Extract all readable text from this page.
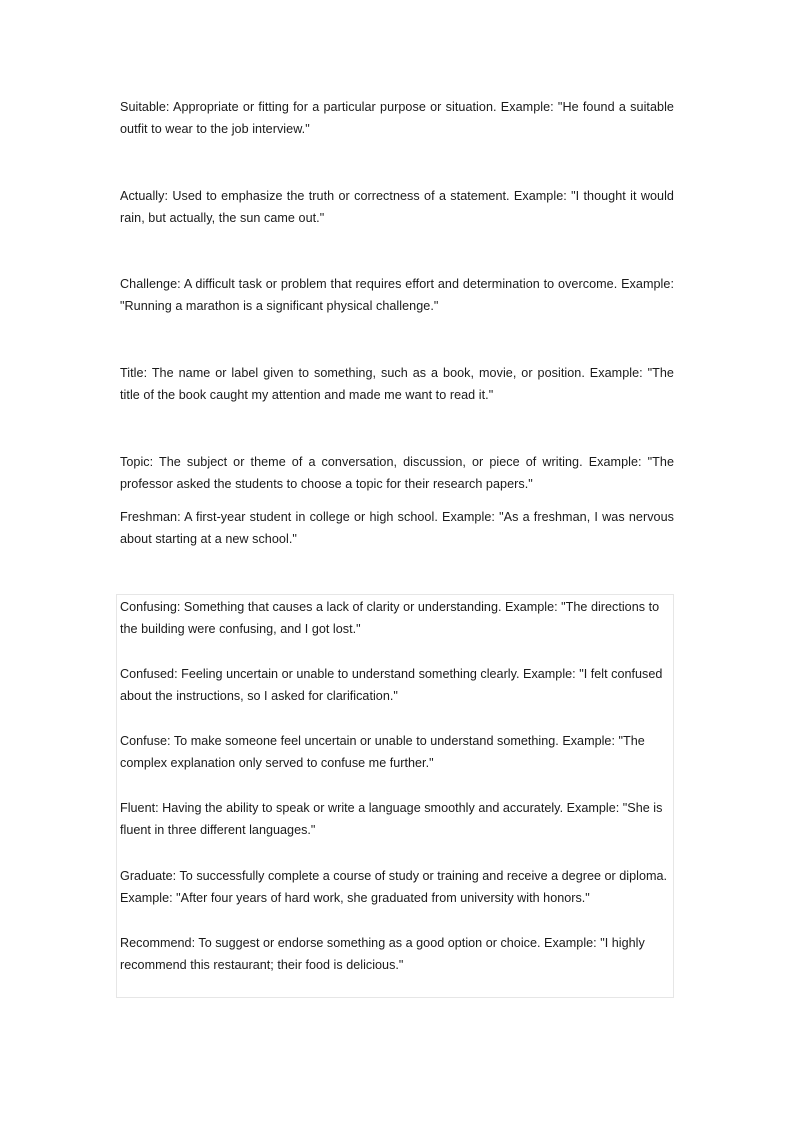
Suitable: Appropriate or fitting for a particular purpose or situation. Example: "He found a suitable outfit to wear to the job interview."

Actually: Used to emphasize the truth or correctness of a statement. Example: "I thought it would rain, but actually, the sun came out."

Challenge: A difficult task or problem that requires effort and determination to overcome. Example: "Running a marathon is a significant physical challenge."

Title: The name or label given to something, such as a book, movie, or position. Example: "The title of the book caught my attention and made me want to read it."

Topic: The subject or theme of a conversation, discussion, or piece of writing. Example: "The professor asked the students to choose a topic for their research papers."

Freshman: A first-year student in college or high school. Example: "As a freshman, I was nervous about starting at a new school."

Confusing: Something that causes a lack of clarity or understanding. Example: "The directions to the building were confusing, and I got lost."

Confused: Feeling uncertain or unable to understand something clearly. Example: "I felt confused about the instructions, so I asked for clarification."

Confuse: To make someone feel uncertain or unable to understand something. Example: "The complex explanation only served to confuse me further."

Fluent: Having the ability to speak or write a language smoothly and accurately. Example: "She is fluent in three different languages."

Graduate: To successfully complete a course of study or training and receive a degree or diploma. Example: "After four years of hard work, she graduated from university with honors."

Recommend: To suggest or endorse something as a good option or choice. Example: "I highly recommend this restaurant; their food is delicious."
